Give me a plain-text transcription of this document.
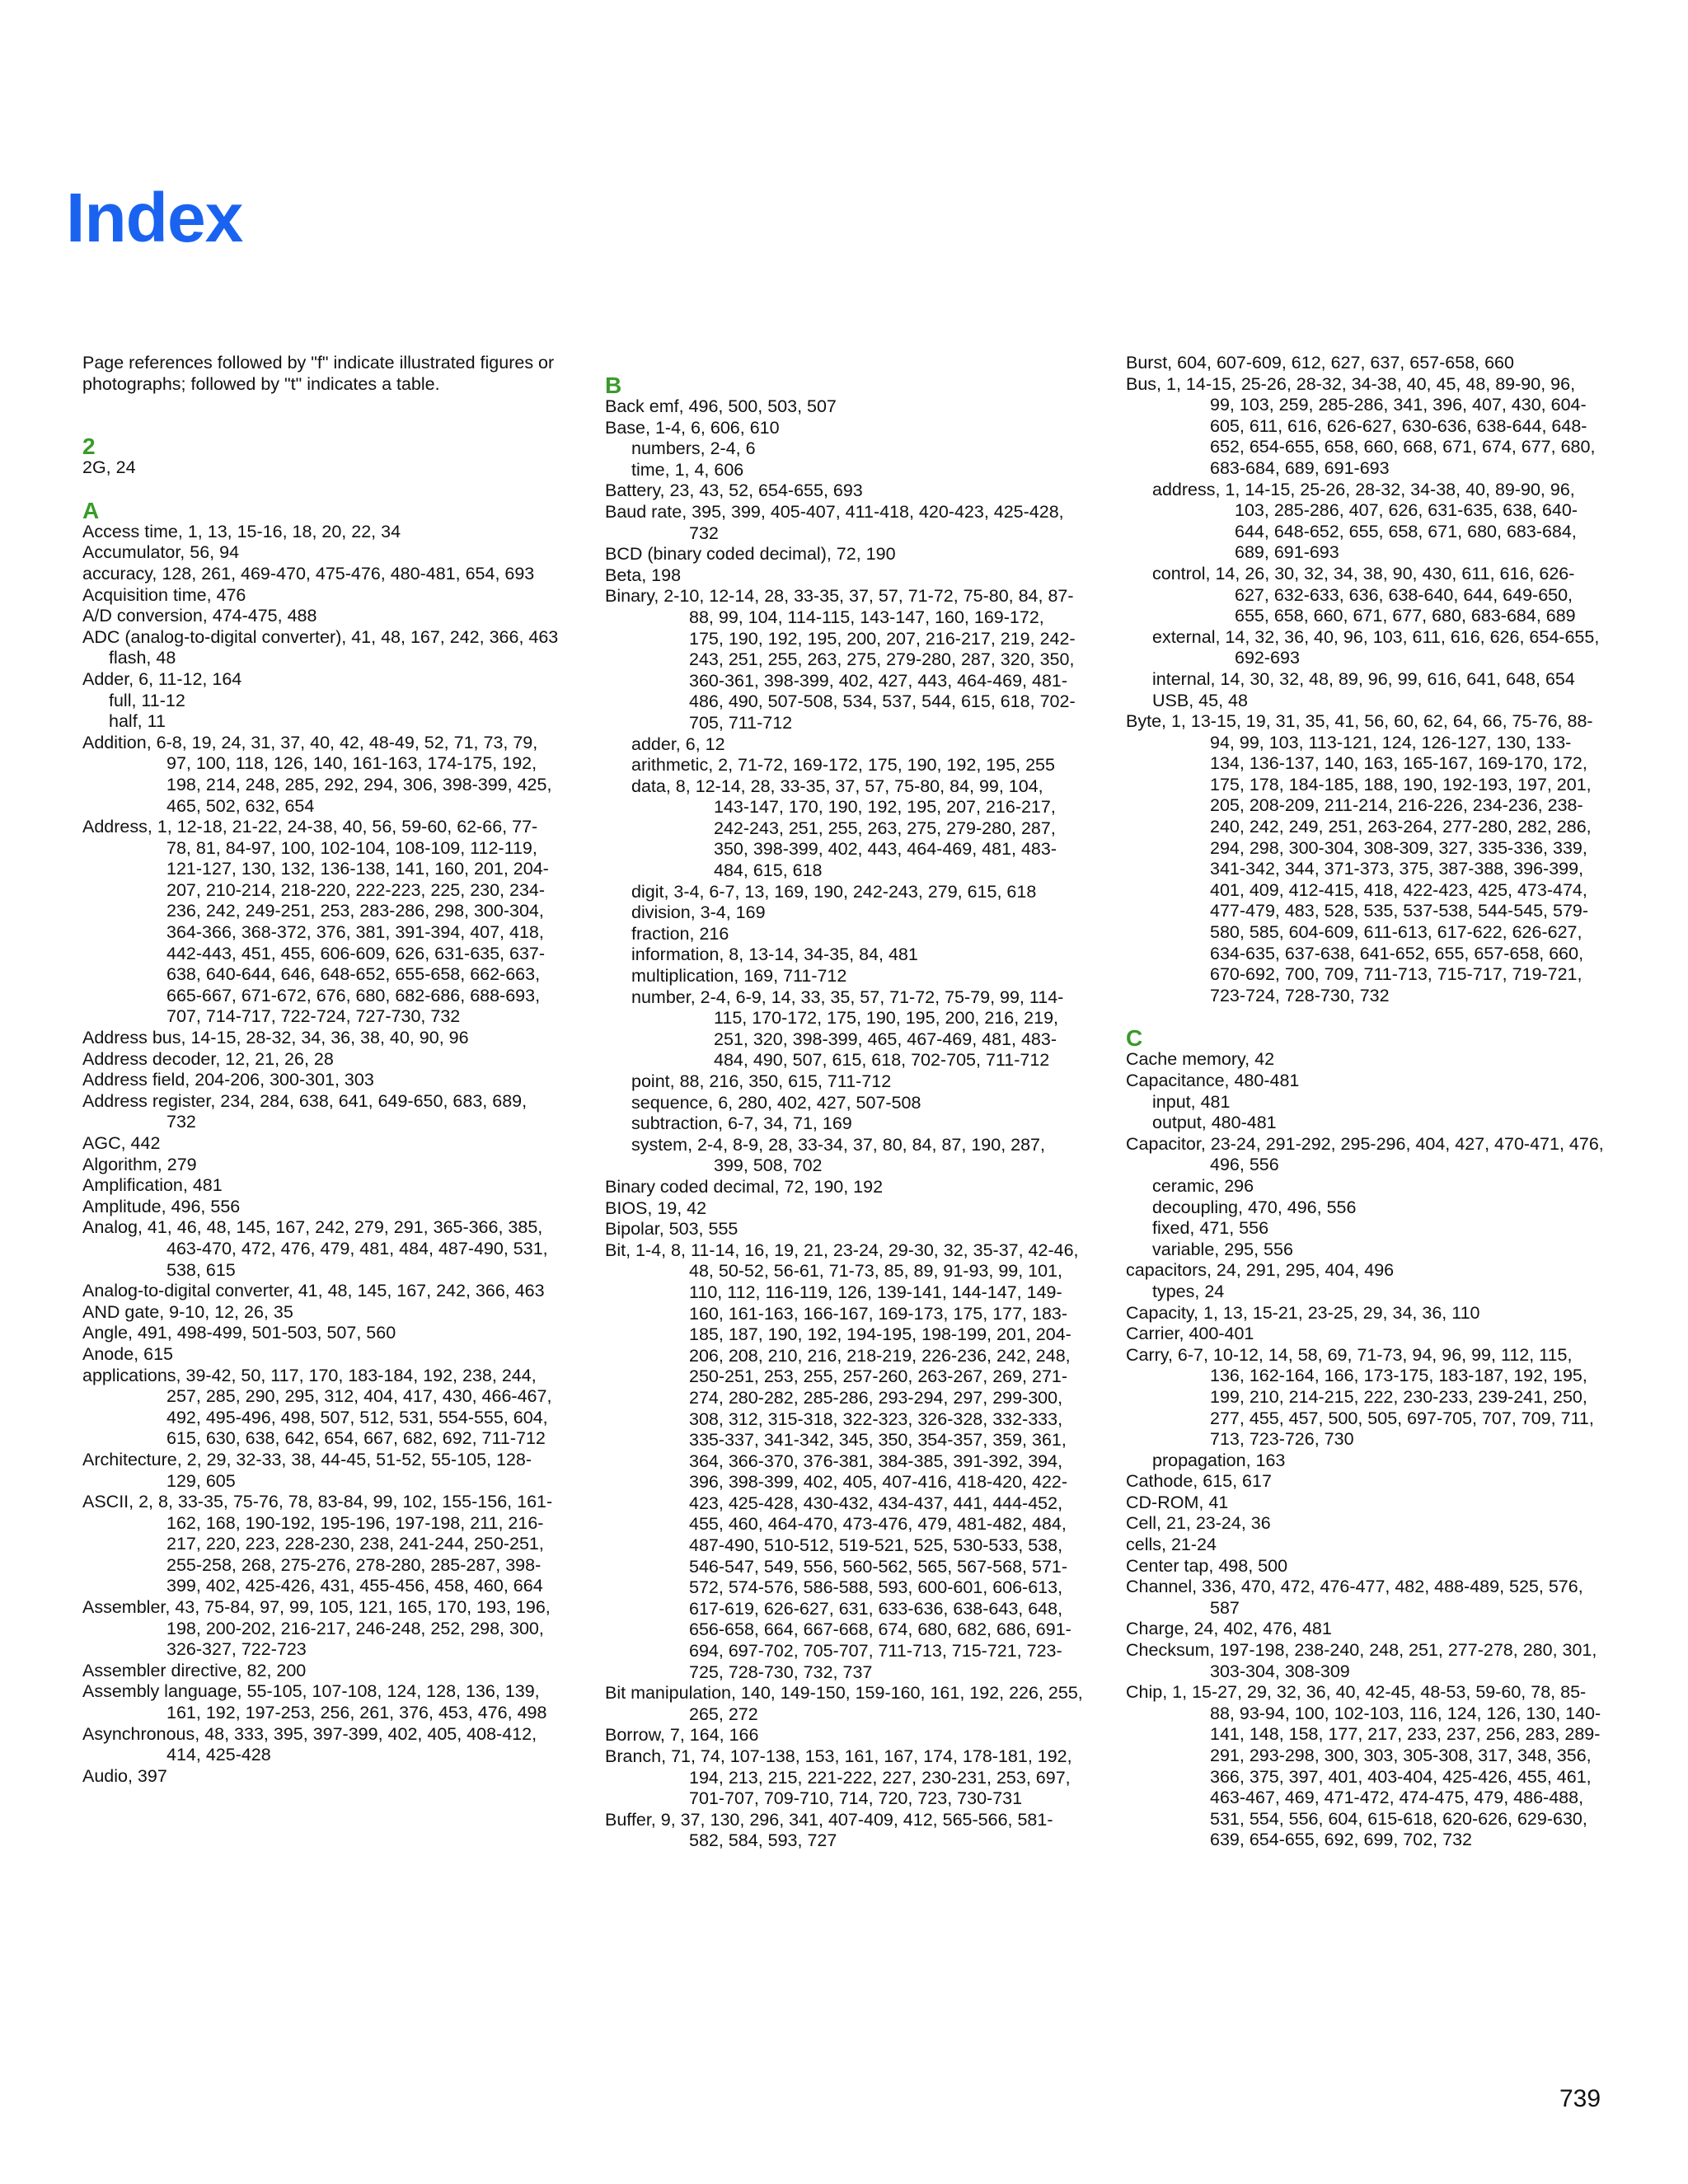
Index

Page references followed by "f" indicate illustrated figures or photographs; followed by "t" indicates a table.

2

2G, 24

A

Access time, 1, 13, 15-16, 18, 20, 22, 34

Accumulator, 56, 94

accuracy, 128, 261, 469-470, 475-476, 480-481, 654, 693

Acquisition time, 476

A/D conversion, 474-475, 488

ADC (analog-to-digital converter), 41, 48, 167, 242, 366, 463

flash, 48

Adder, 6, 11-12, 164

full, 11-12

half, 11

Addition, 6-8, 19, 24, 31, 37, 40, 42, 48-49, 52, 71, 73, 79, 97, 100, 118, 126, 140, 161-163, 174-175, 192, 198, 214, 248, 285, 292, 294, 306, 398-399, 425, 465, 502, 632, 654

Address, 1, 12-18, 21-22, 24-38, 40, 56, 59-60, 62-66, 77-78, 81, 84-97, 100, 102-104, 108-109, 112-119, 121-127, 130, 132, 136-138, 141, 160, 201, 204-207, 210-214, 218-220, 222-223, 225, 230, 234-236, 242, 249-251, 253, 283-286, 298, 300-304, 364-366, 368-372, 376, 381, 391-394, 407, 418, 442-443, 451, 455, 606-609, 626, 631-635, 637-638, 640-644, 646, 648-652, 655-658, 662-663, 665-667, 671-672, 676, 680, 682-686, 688-693, 707, 714-717, 722-724, 727-730, 732

Address bus, 14-15, 28-32, 34, 36, 38, 40, 90, 96

Address decoder, 12, 21, 26, 28

Address field, 204-206, 300-301, 303

Address register, 234, 284, 638, 641, 649-650, 683, 689, 732

AGC, 442

Algorithm, 279

Amplification, 481

Amplitude, 496, 556

Analog, 41, 46, 48, 145, 167, 242, 279, 291, 365-366, 385, 463-470, 472, 476, 479, 481, 484, 487-490, 531, 538, 615

Analog-to-digital converter, 41, 48, 145, 167, 242, 366, 463

AND gate, 9-10, 12, 26, 35

Angle, 491, 498-499, 501-503, 507, 560

Anode, 615

applications, 39-42, 50, 117, 170, 183-184, 192, 238, 244, 257, 285, 290, 295, 312, 404, 417, 430, 466-467, 492, 495-496, 498, 507, 512, 531, 554-555, 604, 615, 630, 638, 642, 654, 667, 682, 692, 711-712

Architecture, 2, 29, 32-33, 38, 44-45, 51-52, 55-105, 128-129, 605

ASCII, 2, 8, 33-35, 75-76, 78, 83-84, 99, 102, 155-156, 161-162, 168, 190-192, 195-196, 197-198, 211, 216-217, 220, 223, 228-230, 238, 241-244, 250-251, 255-258, 268, 275-276, 278-280, 285-287, 398-399, 402, 425-426, 431, 455-456, 458, 460, 664

Assembler, 43, 75-84, 97, 99, 105, 121, 165, 170, 193, 196, 198, 200-202, 216-217, 246-248, 252, 298, 300, 326-327, 722-723

Assembler directive, 82, 200

Assembly language, 55-105, 107-108, 124, 128, 136, 139, 161, 192, 197-253, 256, 261, 376, 453, 476, 498

Asynchronous, 48, 333, 395, 397-399, 402, 405, 408-412, 414, 425-428

Audio, 397

B

Back emf, 496, 500, 503, 507

Base, 1-4, 6, 606, 610

numbers, 2-4, 6

time, 1, 4, 606

Battery, 23, 43, 52, 654-655, 693

Baud rate, 395, 399, 405-407, 411-418, 420-423, 425-428, 732

BCD (binary coded decimal), 72, 190

Beta, 198

Binary, 2-10, 12-14, 28, 33-35, 37, 57, 71-72, 75-80, 84, 87-88, 99, 104, 114-115, 143-147, 160, 169-172, 175, 190, 192, 195, 200, 207, 216-217, 219, 242-243, 251, 255, 263, 275, 279-280, 287, 320, 350, 360-361, 398-399, 402, 427, 443, 464-469, 481-486, 490, 507-508, 534, 537, 544, 615, 618, 702-705, 711-712

adder, 6, 12

arithmetic, 2, 71-72, 169-172, 175, 190, 192, 195, 255

data, 8, 12-14, 28, 33-35, 37, 57, 75-80, 84, 99, 104, 143-147, 170, 190, 192, 195, 207, 216-217, 242-243, 251, 255, 263, 275, 279-280, 287, 350, 398-399, 402, 443, 464-469, 481, 483-484, 615, 618

digit, 3-4, 6-7, 13, 169, 190, 242-243, 279, 615, 618

division, 3-4, 169

fraction, 216

information, 8, 13-14, 34-35, 84, 481

multiplication, 169, 711-712

number, 2-4, 6-9, 14, 33, 35, 57, 71-72, 75-79, 99, 114-115, 170-172, 175, 190, 195, 200, 216, 219, 251, 320, 398-399, 465, 467-469, 481, 483-484, 490, 507, 615, 618, 702-705, 711-712

point, 88, 216, 350, 615, 711-712

sequence, 6, 280, 402, 427, 507-508

subtraction, 6-7, 34, 71, 169

system, 2-4, 8-9, 28, 33-34, 37, 80, 84, 87, 190, 287, 399, 508, 702

Binary coded decimal, 72, 190, 192

BIOS, 19, 42

Bipolar, 503, 555

Bit, 1-4, 8, 11-14, 16, 19, 21, 23-24, 29-30, 32, 35-37, 42-46, 48, 50-52, 56-61, 71-73, 85, 89, 91-93, 99, 101, 110, 112, 116-119, 126, 139-141, 144-147, 149-160, 161-163, 166-167, 169-173, 175, 177, 183-185, 187, 190, 192, 194-195, 198-199, 201, 204-206, 208, 210, 216, 218-219, 226-236, 242, 248, 250-251, 253, 255, 257-260, 263-267, 269, 271-274, 280-282, 285-286, 293-294, 297, 299-300, 308, 312, 315-318, 322-323, 326-328, 332-333, 335-337, 341-342, 345, 350, 354-357, 359, 361, 364, 366-370, 376-381, 384-385, 391-392, 394, 396, 398-399, 402, 405, 407-416, 418-420, 422-423, 425-428, 430-432, 434-437, 441, 444-452, 455, 460, 464-470, 473-476, 479, 481-482, 484, 487-490, 510-512, 519-521, 525, 530-533, 538, 546-547, 549, 556, 560-562, 565, 567-568, 571-572, 574-576, 586-588, 593, 600-601, 606-613, 617-619, 626-627, 631, 633-636, 638-643, 648, 656-658, 664, 667-668, 674, 680, 682, 686, 691-694, 697-702, 705-707, 711-713, 715-721, 723-725, 728-730, 732, 737

Bit manipulation, 140, 149-150, 159-160, 161, 192, 226, 255, 265, 272

Borrow, 7, 164, 166

Branch, 71, 74, 107-138, 153, 161, 167, 174, 178-181, 192, 194, 213, 215, 221-222, 227, 230-231, 253, 697, 701-707, 709-710, 714, 720, 723, 730-731

Buffer, 9, 37, 130, 296, 341, 407-409, 412, 565-566, 581-582, 584, 593, 727

Burst, 604, 607-609, 612, 627, 637, 657-658, 660

Bus, 1, 14-15, 25-26, 28-32, 34-38, 40, 45, 48, 89-90, 96, 99, 103, 259, 285-286, 341, 396, 407, 430, 604-605, 611, 616, 626-627, 630-636, 638-644, 648-652, 654-655, 658, 660, 668, 671, 674, 677, 680, 683-684, 689, 691-693

address, 1, 14-15, 25-26, 28-32, 34-38, 40, 89-90, 96, 103, 285-286, 407, 626, 631-635, 638, 640-644, 648-652, 655, 658, 671, 680, 683-684, 689, 691-693

control, 14, 26, 30, 32, 34, 38, 90, 430, 611, 616, 626-627, 632-633, 636, 638-640, 644, 649-650, 655, 658, 660, 671, 677, 680, 683-684, 689

external, 14, 32, 36, 40, 96, 103, 611, 616, 626, 654-655, 692-693

internal, 14, 30, 32, 48, 89, 96, 99, 616, 641, 648, 654

USB, 45, 48

Byte, 1, 13-15, 19, 31, 35, 41, 56, 60, 62, 64, 66, 75-76, 88-94, 99, 103, 113-121, 124, 126-127, 130, 133-134, 136-137, 140, 163, 165-167, 169-170, 172, 175, 178, 184-185, 188, 190, 192-193, 197, 201, 205, 208-209, 211-214, 216-226, 234-236, 238-240, 242, 249, 251, 263-264, 277-280, 282, 286, 294, 298, 300-304, 308-309, 327, 335-336, 339, 341-342, 344, 371-373, 375, 387-388, 396-399, 401, 409, 412-415, 418, 422-423, 425, 473-474, 477-479, 483, 528, 535, 537-538, 544-545, 579-580, 585, 604-609, 611-613, 617-622, 626-627, 634-635, 637-638, 641-652, 655, 657-658, 660, 670-692, 700, 709, 711-713, 715-717, 719-721, 723-724, 728-730, 732

C

Cache memory, 42

Capacitance, 480-481

input, 481

output, 480-481

Capacitor, 23-24, 291-292, 295-296, 404, 427, 470-471, 476, 496, 556

ceramic, 296

decoupling, 470, 496, 556

fixed, 471, 556

variable, 295, 556

capacitors, 24, 291, 295, 404, 496

types, 24

Capacity, 1, 13, 15-21, 23-25, 29, 34, 36, 110

Carrier, 400-401

Carry, 6-7, 10-12, 14, 58, 69, 71-73, 94, 96, 99, 112, 115, 136, 162-164, 166, 173-175, 183-187, 192, 195, 199, 210, 214-215, 222, 230-233, 239-241, 250, 277, 455, 457, 500, 505, 697-705, 707, 709, 711, 713, 723-726, 730

propagation, 163

Cathode, 615, 617

CD-ROM, 41

Cell, 21, 23-24, 36

cells, 21-24

Center tap, 498, 500

Channel, 336, 470, 472, 476-477, 482, 488-489, 525, 576, 587

Charge, 24, 402, 476, 481

Checksum, 197-198, 238-240, 248, 251, 277-278, 280, 301, 303-304, 308-309

Chip, 1, 15-27, 29, 32, 36, 40, 42-45, 48-53, 59-60, 78, 85-88, 93-94, 100, 102-103, 116, 124, 126, 130, 140-141, 148, 158, 177, 217, 233, 237, 256, 283, 289-291, 293-298, 300, 303, 305-308, 317, 348, 356, 366, 375, 397, 401, 403-404, 425-426, 455, 461, 463-467, 469, 471-472, 474-475, 479, 486-488, 531, 554, 556, 604, 615-618, 620-626, 629-630, 639, 654-655, 692, 699, 702, 732

739
